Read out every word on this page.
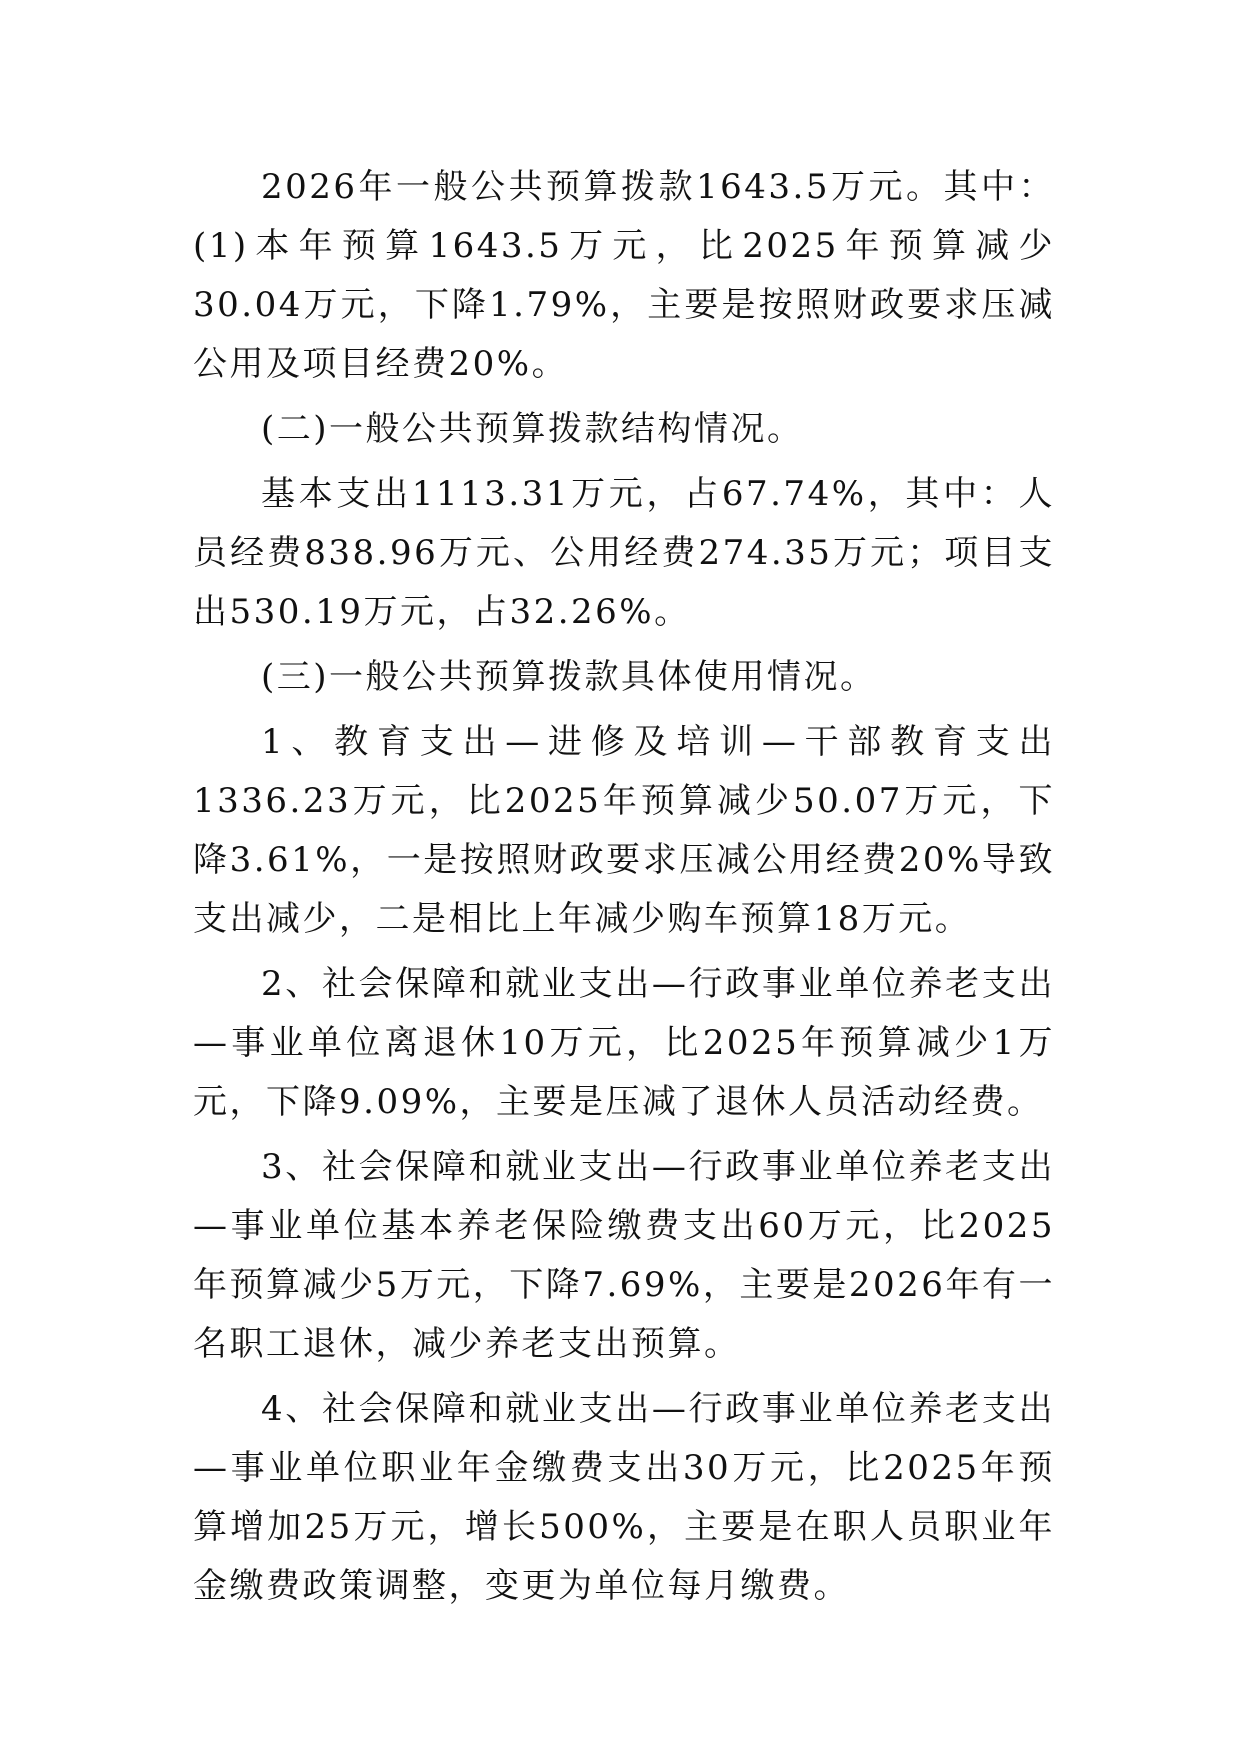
2026年一般公共预算拨款1643.5万元。其中：(1)本年预算1643.5万元，比2025年预算减少30.04万元，下降1.79%，主要是按照财政要求压减公用及项目经费20%。

(二)一般公共预算拨款结构情况。

基本支出1113.31万元，占67.74%，其中：人员经费838.96万元、公用经费274.35万元；项目支出530.19万元，占32.26%。

(三)一般公共预算拨款具体使用情况。

1、教育支出—进修及培训—干部教育支出1336.23万元，比2025年预算减少50.07万元，下降3.61%，一是按照财政要求压减公用经费20%导致支出减少，二是相比上年减少购车预算18万元。

2、社会保障和就业支出—行政事业单位养老支出—事业单位离退休10万元，比2025年预算减少1万元，下降9.09%，主要是压减了退休人员活动经费。

3、社会保障和就业支出—行政事业单位养老支出—事业单位基本养老保险缴费支出60万元，比2025年预算减少5万元，下降7.69%，主要是2026年有一名职工退休，减少养老支出预算。

4、社会保障和就业支出—行政事业单位养老支出—事业单位职业年金缴费支出30万元，比2025年预算增加25万元，增长500%，主要是在职人员职业年金缴费政策调整，变更为单位每月缴费。
